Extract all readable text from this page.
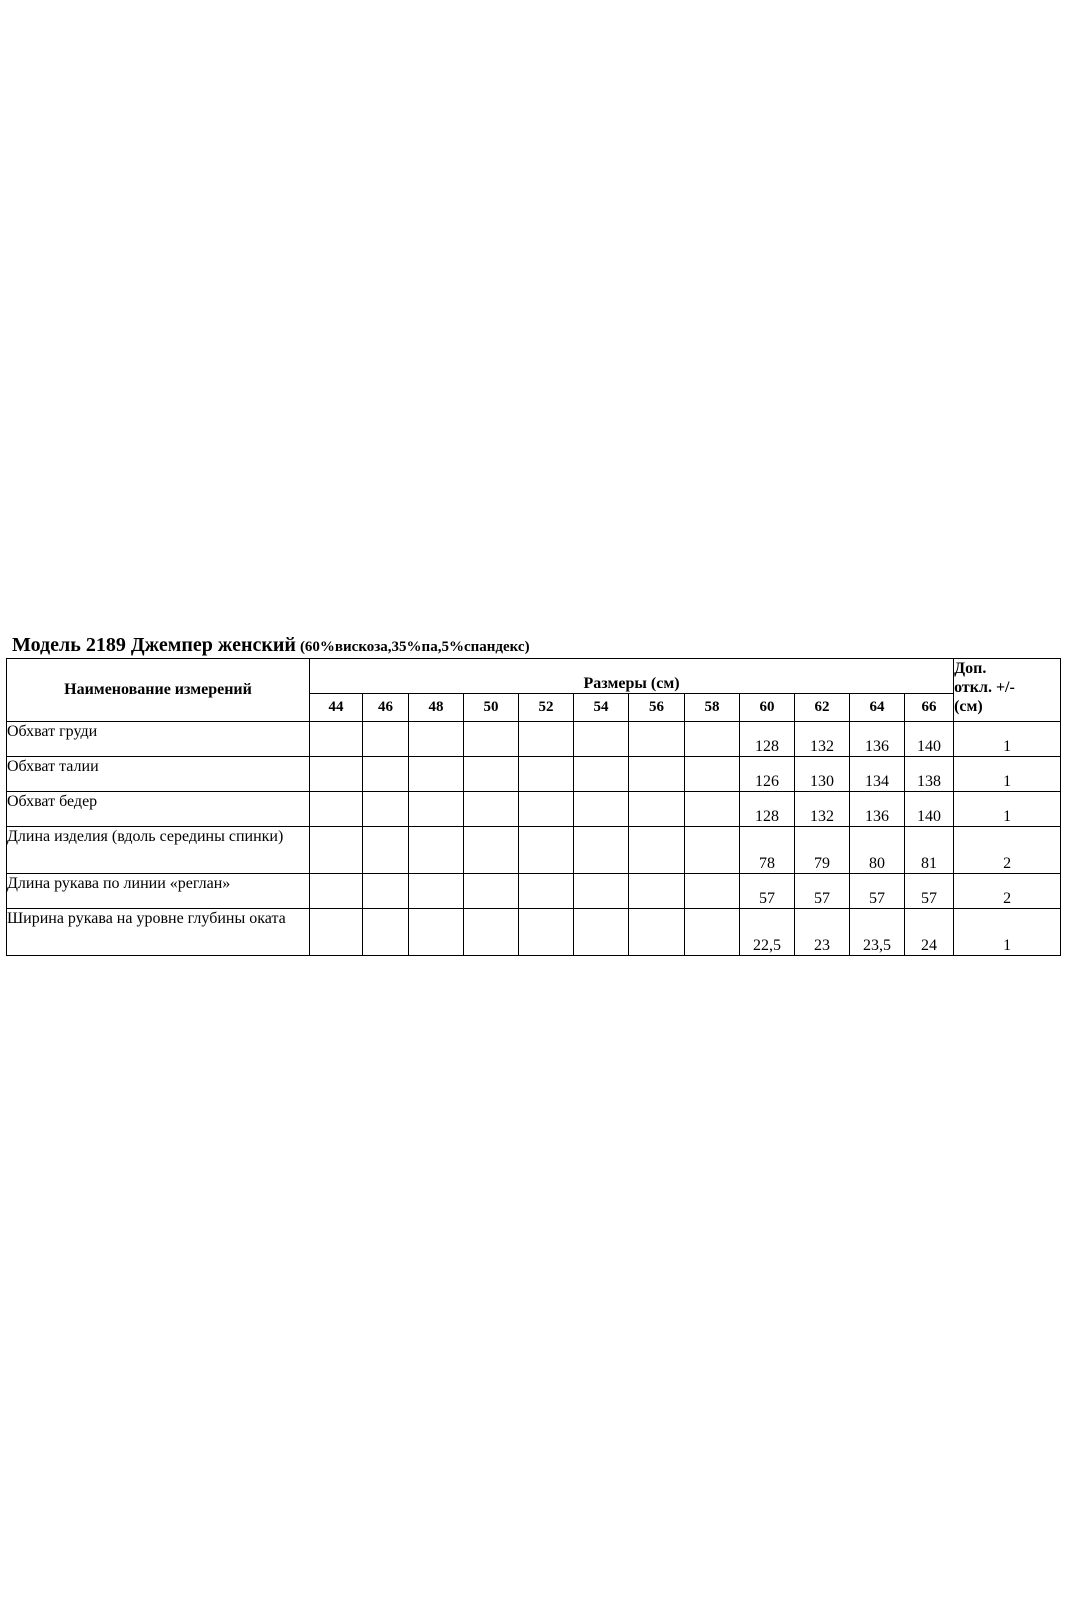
Модель 2189 Джемпер женский (60%вискоза,35%па,5%спандекс)
Наименование измерений	Размеры (см)												Доп.
откл. +/-
(см)
	44	46	48	50	52	54	56	58	60	62	64	66	
Обхват груди									128	132	136	140	1
Обхват талии									126	130	134	138	1
Обхват бедер									128	132	136	140	1
Длина изделия (вдоль середины спинки)									78	79	80	81	2
Длина рукава по линии «реглан»									57	57	57	57	2
Ширина рукава на уровне глубины оката									22,5	23	23,5	24	1
